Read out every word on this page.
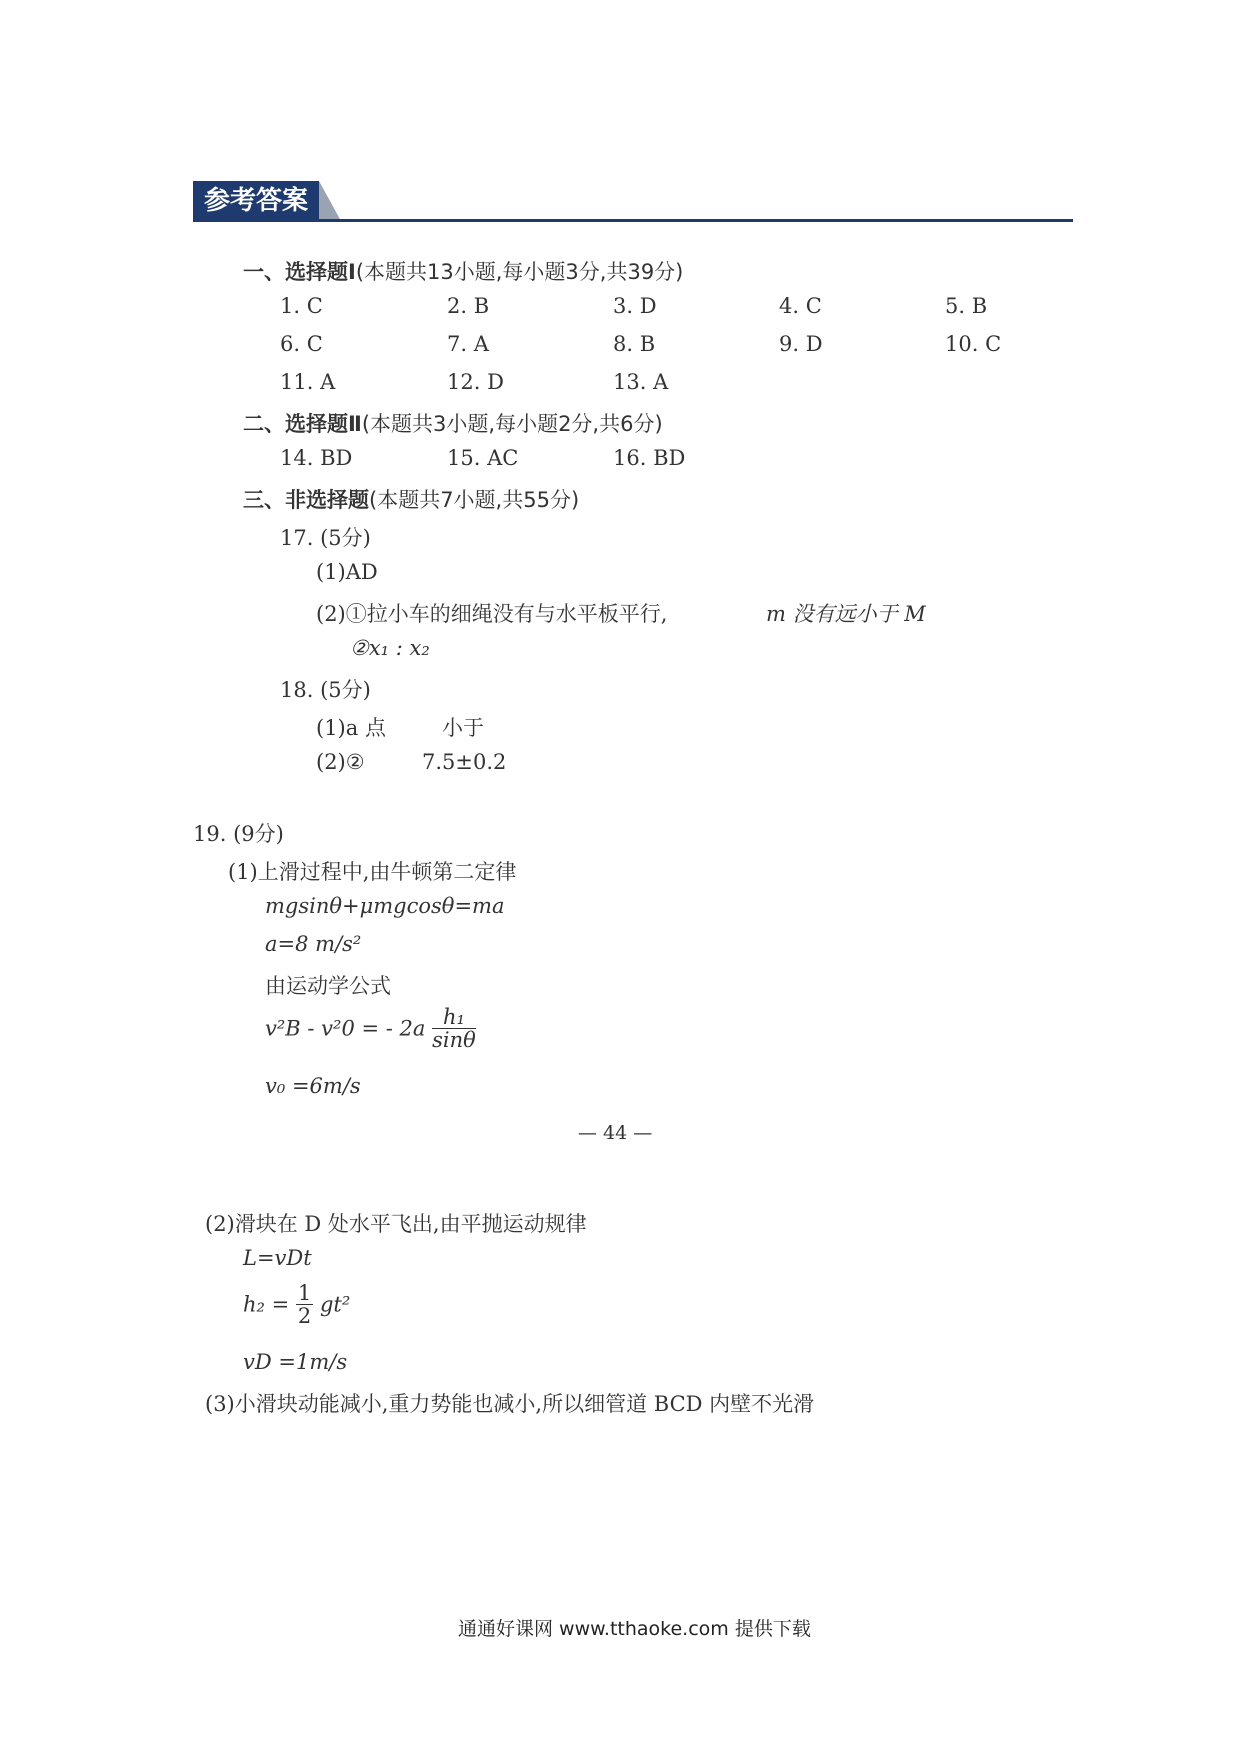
参考答案
一、选择题Ⅰ(本题共13小题,每小题3分,共39分)
1. C	2. B	3. D	4. C	5. B
6. C	7. A	8. B	9. D	10. C
11. A	12. D	13. A
二、选择题Ⅱ(本题共3小题,每小题2分,共6分)
14. BD	15. AC	16. BD
三、非选择题(本题共7小题,共55分)
17. (5分)
(1)AD
(2)①拉小车的细绳没有与水平板平行,	m 没有远小于 M
②x₁ : x₂
18. (5分)
(1)a 点	小于
(2)②	7.5±0.2
19. (9分)
(1)上滑过程中,由牛顿第二定律
mgsinθ+μmgcosθ=ma
a=8 m/s²
由运动学公式
v²B - v²0 = - $2a \frac{\text{h₁}}{\sin\theta}$
v₀ =6m/s
— 44 —
(2)滑块在 D 处水平飞出,由平抛运动规律
L=vDt
$h_2 = \frac{1}{2} gt^2$
vD =1m/s
(3)小滑块动能减小,重力势能也减小,所以细管道 BCD 内壁不光滑
通通好课网 www.tthaoke.com 提供下载
